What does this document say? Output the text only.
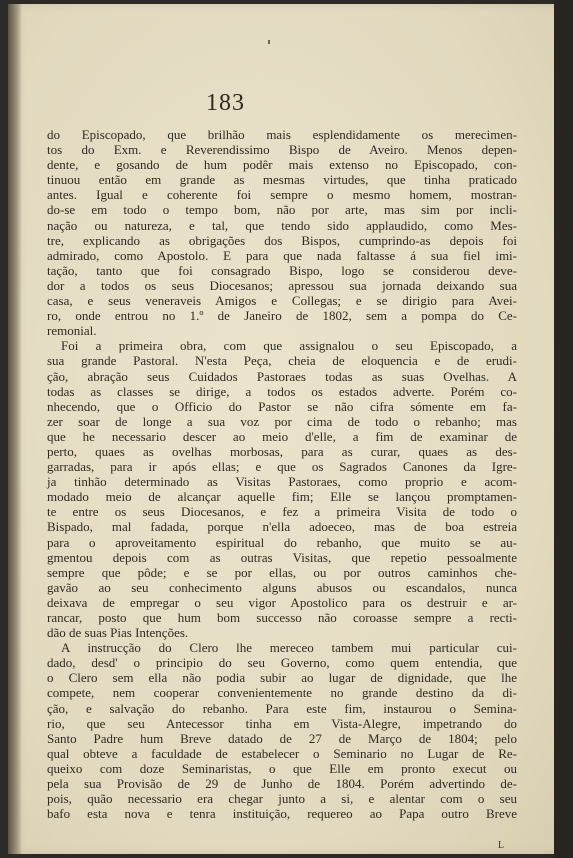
183
do Episcopado, que brilhão mais esplendidamente os merecimen-
tos do Exm. e Reverendissimo Bispo de Aveiro. Menos depen-
dente, e gosando de hum podêr mais extenso no Episcopado, con-
tinuou então em grande as mesmas virtudes, que tinha praticado
antes. Igual e coherente foi sempre o mesmo homem, mostran-
do-se em todo o tempo bom, não por arte, mas sim por incli-
nação ou natureza, e tal, que tendo sido applaudido, como Mes-
tre, explicando as obrigações dos Bispos, cumprindo-as depois foi
admirado, como Apostolo. E para que nada faltasse á sua fiel imi-
tação, tanto que foi consagrado Bispo, logo se considerou deve-
dor a todos os seus Diocesanos; apressou sua jornada deixando sua
casa, e seus veneraveis Amigos e Collegas; e se dirigio para Avei-
ro, onde entrou no 1.º de Janeiro de 1802, sem a pompa do Ce-
remonial.
Foi a primeira obra, com que assignalou o seu Episcopado, a
sua grande Pastoral. N'esta Peça, cheia de eloquencia e de erudi-
ção, abração seus Cuidados Pastoraes todas as suas Ovelhas. A
todas as classes se dirige, a todos os estados adverte. Porém co-
nhecendo, que o Officio do Pastor se não cifra sómente em fa-
zer soar de longe a sua voz por cima de todo o rebanho; mas
que he necessario descer ao meio d'elle, a fim de examinar de
perto, quaes as ovelhas morbosas, para as curar, quaes as des-
garradas, para ir após ellas; e que os Sagrados Canones da Igre-
ja tinhão determinado as Visitas Pastoraes, como proprio e acom-
modado meio de alcançar aquelle fim; Elle se lançou promptamen-
te entre os seus Diocesanos, e fez a primeira Visita de todo o
Bispado, mal fadada, porque n'ella adoeceo, mas de boa estreia
para o aproveitamento espiritual do rebanho, que muito se au-
gmentou depois com as outras Visitas, que repetio pessoalmente
sempre que pôde; e se por ellas, ou por outros caminhos che-
gavão ao seu conhecimento alguns abusos ou escandalos, nunca
deixava de empregar o seu vigor Apostolico para os destruir e ar-
rancar, posto que hum bom successo não coroasse sempre a recti-
dão de suas Pias Intenções.
A instrucção do Clero lhe mereceo tambem mui particular cui-
dado, desd' o principio do seu Governo, como quem entendia, que
o Clero sem ella não podia subir ao lugar de dignidade, que lhe
compete, nem cooperar convenientemente no grande destino da di-
ção, e salvação do rebanho. Para este fim, instaurou o Semina-
rio, que seu Antecessor tinha em Vista-Alegre, impetrando do
Santo Padre hum Breve datado de 27 de Março de 1804; pelo
qual obteve a faculdade de estabelecer o Seminario no Lugar de Re-
queixo com doze Seminaristas, o que Elle em pronto execut ou
pela sua Provisão de 29 de Junho de 1804. Porém advertindo de-
pois, quão necessario era chegar junto a si, e alentar com o seu
bafo esta nova e tenra instituição, requereo ao Papa outro Breve
L
